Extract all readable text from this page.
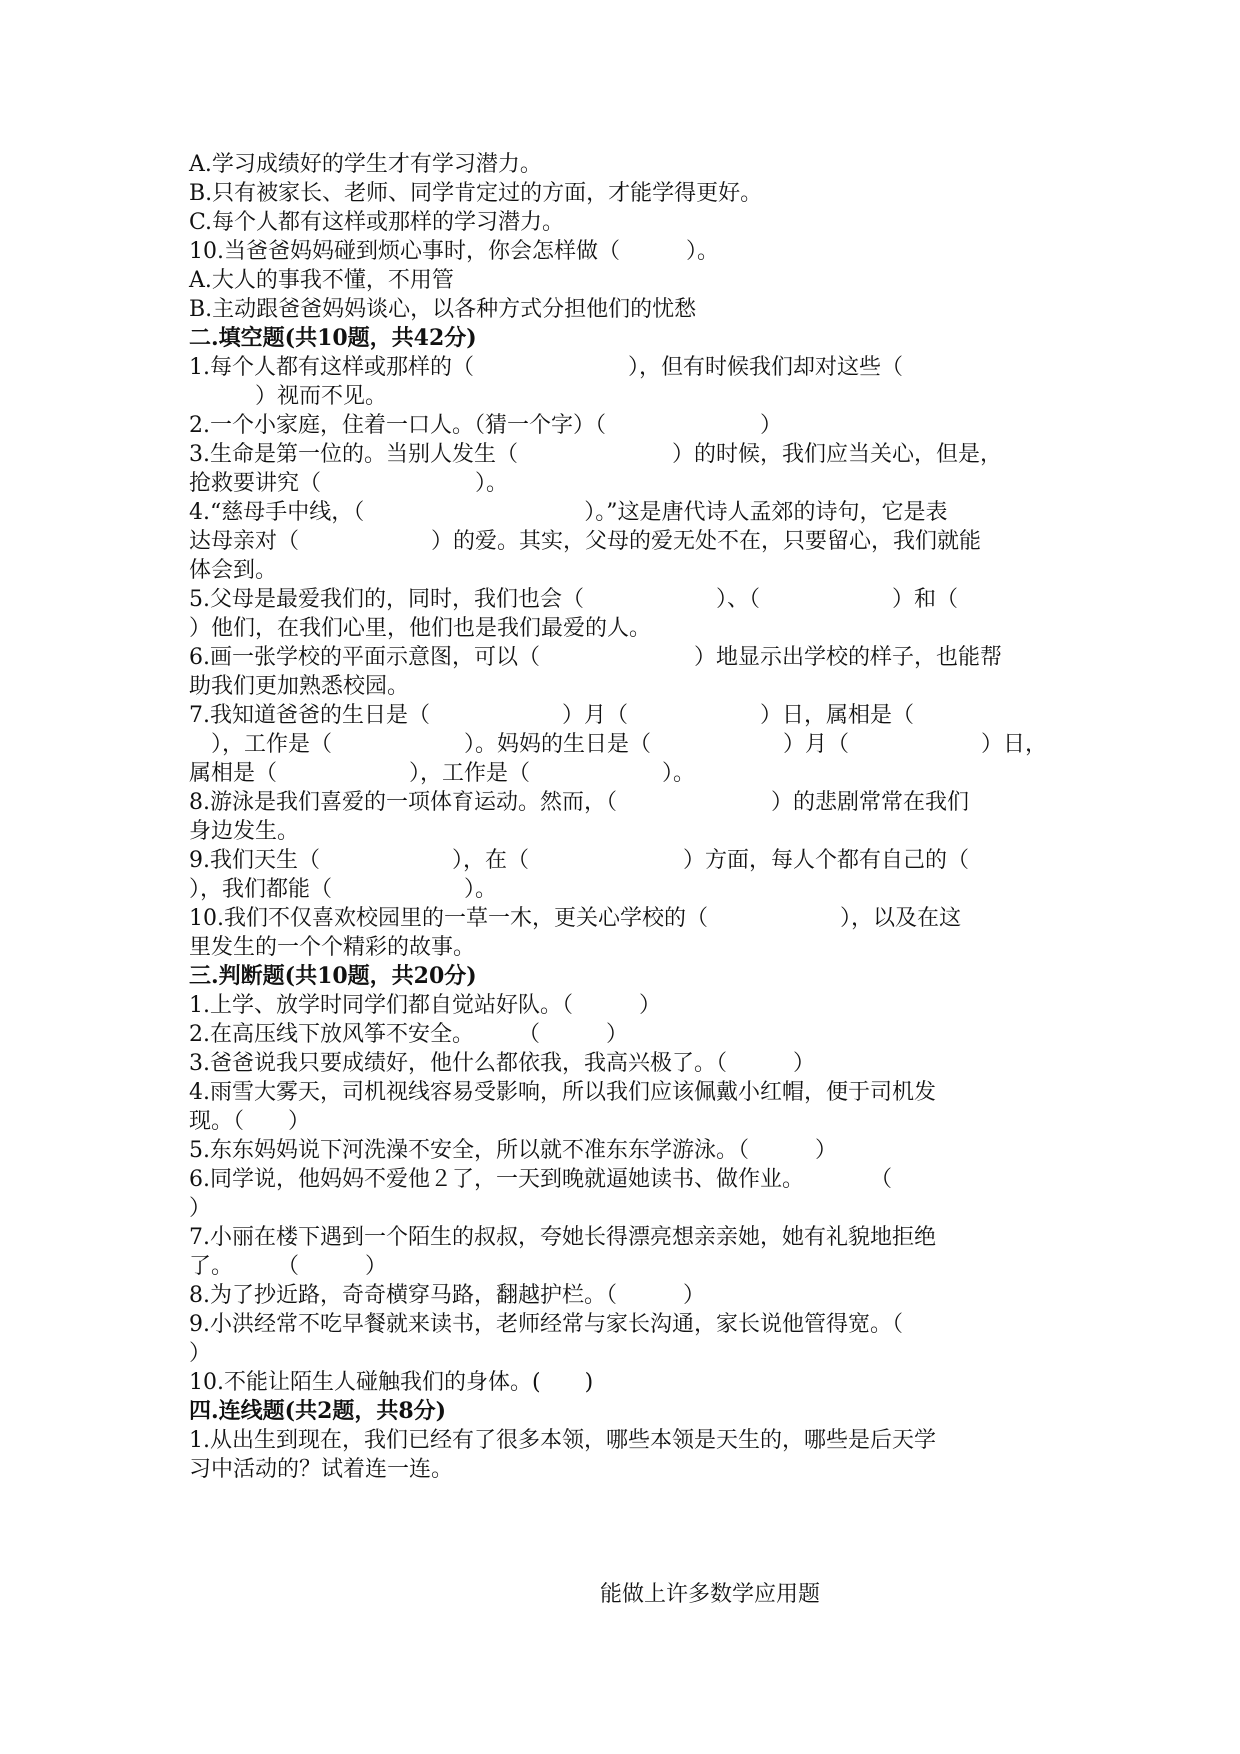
A.学习成绩好的学生才有学习潜力。
B.只有被家长、老师、同学肯定过的方面，才能学得更好。
C.每个人都有这样或那样的学习潜力。
10.当爸爸妈妈碰到烦心事时，你会怎样做（　　　）。
A.大人的事我不懂，不用管
B.主动跟爸爸妈妈谈心，以各种方式分担他们的忧愁
二.填空题(共10题，共42分)
1.每个人都有这样或那样的（　　　　　　　），但有时候我们却对这些（
　　　）视而不见。
2.一个小家庭，住着一口人。（猜一个字）（　　　　　　　）
3.生命是第一位的。当别人发生（　　　　　　　）的时候，我们应当关心，但是，
抢救要讲究（　　　　　　　）。
4.“慈母手中线，（　　　　　　　　　　）。”这是唐代诗人孟郊的诗句，它是表
达母亲对（　　　　　　）的爱。其实，父母的爱无处不在，只要留心，我们就能
体会到。
5.父母是最爱我们的，同时，我们也会（　　　　　　）、（　　　　　　）和（
）他们，在我们心里，他们也是我们最爱的人。
6.画一张学校的平面示意图，可以（　　　　　　　）地显示出学校的样子，也能帮
助我们更加熟悉校园。
7.我知道爸爸的生日是（　　　　　　）月（　　　　　　）日，属相是（
　），工作是（　　　　　　）。妈妈的生日是（　　　　　　）月（　　　　　　）日，
属相是（　　　　　　），工作是（　　　　　　）。
8.游泳是我们喜爱的一项体育运动。然而，（　　　　　　　）的悲剧常常在我们
身边发生。
9.我们天生（　　　　　　），在（　　　　　　　）方面，每人个都有自己的（
），我们都能（　　　　　　）。
10.我们不仅喜欢校园里的一草一木，更关心学校的（　　　　　　），以及在这
里发生的一个个精彩的故事。
三.判断题(共10题，共20分)
1.上学、放学时同学们都自觉站好队。（　　　）
2.在高压线下放风筝不安全。　　　（　　　）
3.爸爸说我只要成绩好，他什么都依我，我高兴极了。（　　　）
4.雨雪大雾天，司机视线容易受影响，所以我们应该佩戴小红帽，便于司机发
现。（　　）
5.东东妈妈说下河洗澡不安全，所以就不准东东学游泳。（　　　）
6.同学说，他妈妈不爱他２了，一天到晚就逼她读书、做作业。　　　　（
）
7.小丽在楼下遇到一个陌生的叔叔，夸她长得漂亮想亲亲她，她有礼貌地拒绝
了。　　　（　　　）
8.为了抄近路，奇奇横穿马路，翻越护栏。（　　　）
9.小洪经常不吃早餐就来读书，老师经常与家长沟通，家长说他管得宽。（
）
10.不能让陌生人碰触我们的身体。(　　)
四.连线题(共2题，共8分)
1.从出生到现在，我们已经有了很多本领，哪些本领是天生的，哪些是后天学
习中活动的？试着连一连。
能做上许多数学应用题
